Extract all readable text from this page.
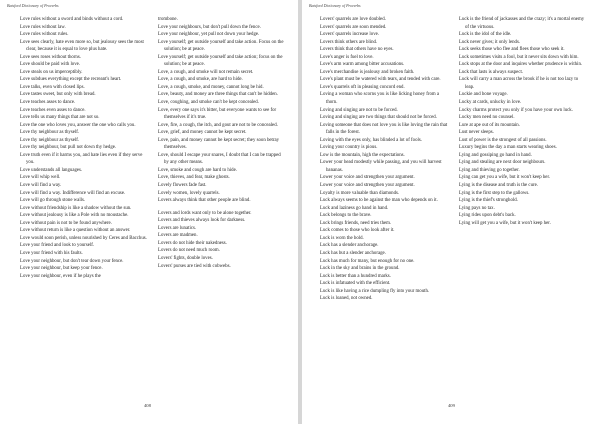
Batsford Dictionary of Proverbs

Love rules without a sword and binds without a cord.

Love rules without law.

Love rules without rules.

Love sees clearly, hate even more so, but jealousy sees the most clear, because it is equal to love plus hate.

Love sees roses without thorns.

Love should be paid with love.

Love steals on us imperceptibly.

Love subdues everything except the recreant's heart.

Love talks, even with closed lips.

Love tastes sweet, but only with bread.

Love teaches asses to dance.

Love teaches even asses to dance.

Love tells us many things that are not so.

Love the one who loves you, answer the one who calls you.

Love thy neighbour as thyself.

Love thy neighbour as thyself.

Love thy neighbour, but pull not down thy hedge.

Love truth even if it harms you, and hate lies even if they serve you.

Love understands all languages.

Love will whip well.

Love will find a way.

Love will find a way. Indifference will find an excuse.

Love will go through stone walls.

Love without friendship is like a shadow without the sun.

Love without jealousy is like a Pole with no moustache.

Love without pain is not to be found anywhere.

Love without return is like a question without an answer.

Love would soon perish, unless nourished by Ceres and Bacchus.

Love your friend and look to yourself.

Love your friend with his faults.

Love your neighbour, but don't tear down your fence.

Love your neighbour, but keep your fence.

Love your neighbour, even if he plays the

trombone.

Love your neighbours, but don't pull down the fence.

Love your neighbour, yet pull not down your hedge.

Love yourself; get outside yourself and take action. Focus on the solution; be at peace.

Love yourself; get outside yourself and take action; focus on the solution; be at peace.

Love, a cough, and smoke will not remain secret.

Love, a cough, and smoke, are hard to hide.

Love, a cough, smoke, and money, cannot long be hid.

Love, beauty, and money are three things that can't be hidden.

Love, coughing, and smoke can't be kept concealed.

Love, every one says it's bitter, but everyone wants to see for themselves if it's true.

Love, fire, a cough, the itch, and gout are not to be concealed.

Love, grief, and money cannot be kept secret.

Love, pain, and money cannot be kept secret; they soon betray themselves.

Love, should I escape your snares, I doubt that I can be trapped by any other means.

Love, smoke and cough are hard to hide.

Love, thieves, and fear, make ghosts.

Lovely flowers fade fast.

Lovely women, lovely quarrels.

Lovers always think that other people are blind.

Lovers and lords want only to be alone together.

Lovers and thieves always look for darkness.

Lovers are lunatics.

Lovers are madmen.

Lovers do not hide their nakedness.

Lovers do not need much room.

Lovers' fights, double loves.

Lovers' purses are tied with cobwebs.

408
Batsford Dictionary of Proverbs

Lovers' quarrels are love doubled.

Lovers' quarrels are soon mended.

Lovers' quarrels increase love.

Lovers think others are blind.

Lovers think that others have no eyes.

Love's anger is fuel to love.

Love's arm warm among bitter accusations.

Love's merchandise is jealousy and broken faith.

Love's plant must be watered with tears, and tended with care.

Love's quarrels oft in pleasing concord end.

Loving a woman who scorns you is like licking honey from a thorn.

Loving and singing are not to be forced.

Loving and singing are two things that should not be forced.

Loving someone that does not love you is like loving the rain that falls in the forest.

Loving with the eyes only, has blinded a lot of fools.

Loving your country is pious.

Low is the mountain, high the expectations.

Lower your head modestly while passing, and you will harvest bananas.

Lower your voice and strengthen your argument.

Lower your voice and strengthen your argument.

Loyalty is more valuable than diamonds.

Luck always seems to be against the man who depends on it.

Luck and laziness go hand in hand.

Luck belongs to the brave.

Luck brings friends, need tries them.

Luck comes to those who look after it.

Luck is worn the bold.

Luck has a slender anchorage.

Luck has but a slender anchorage.

Luck has much for many, but enough for no one.

Luck in the sky and brains in the ground.

Luck is better than a hundred marks.

Luck is infatuated with the efficient.

Luck is like having a rice dumpling fly into your mouth.

Luck is loaned, not owned.

Luck is the friend of jackasses and the crazy; it's a mortal enemy of the virtuous.

Luck is the idol of the idle.

Luck never gives; it only lends.

Luck seeks those who flee and flees those who seek it.

Luck sometimes visits a fool, but it never sits down with him.

Luck stops at the door and inquires whether prudence is within.

Luck that lasts is always suspect.

Luck will carry a man across the brook if he is not too lazy to leap.

Luckie and bone voyage.

Lucky at cards, unlucky in love.

Lucky charms protect you only if you have your own luck.

Lucky men need no counsel.

Lure at ape out of its mountain.

Lust never sleeps.

Lust of power is the strongest of all passions.

Luxury begins the day a man starts wearing shoes.

Lying and gossiping go hand in hand.

Lying and stealing are next door neighbours.

Lying and thieving go together.

Lying can get you a wife, but it won't keep her.

Lying is the disease and truth is the cure.

Lying is the first step to the gallows.

Lying is the thief's stronghold.

Lying pays no tax.

Lying rides upon debt's back.

Lying will get you a wife, but it won't keep her.

409
